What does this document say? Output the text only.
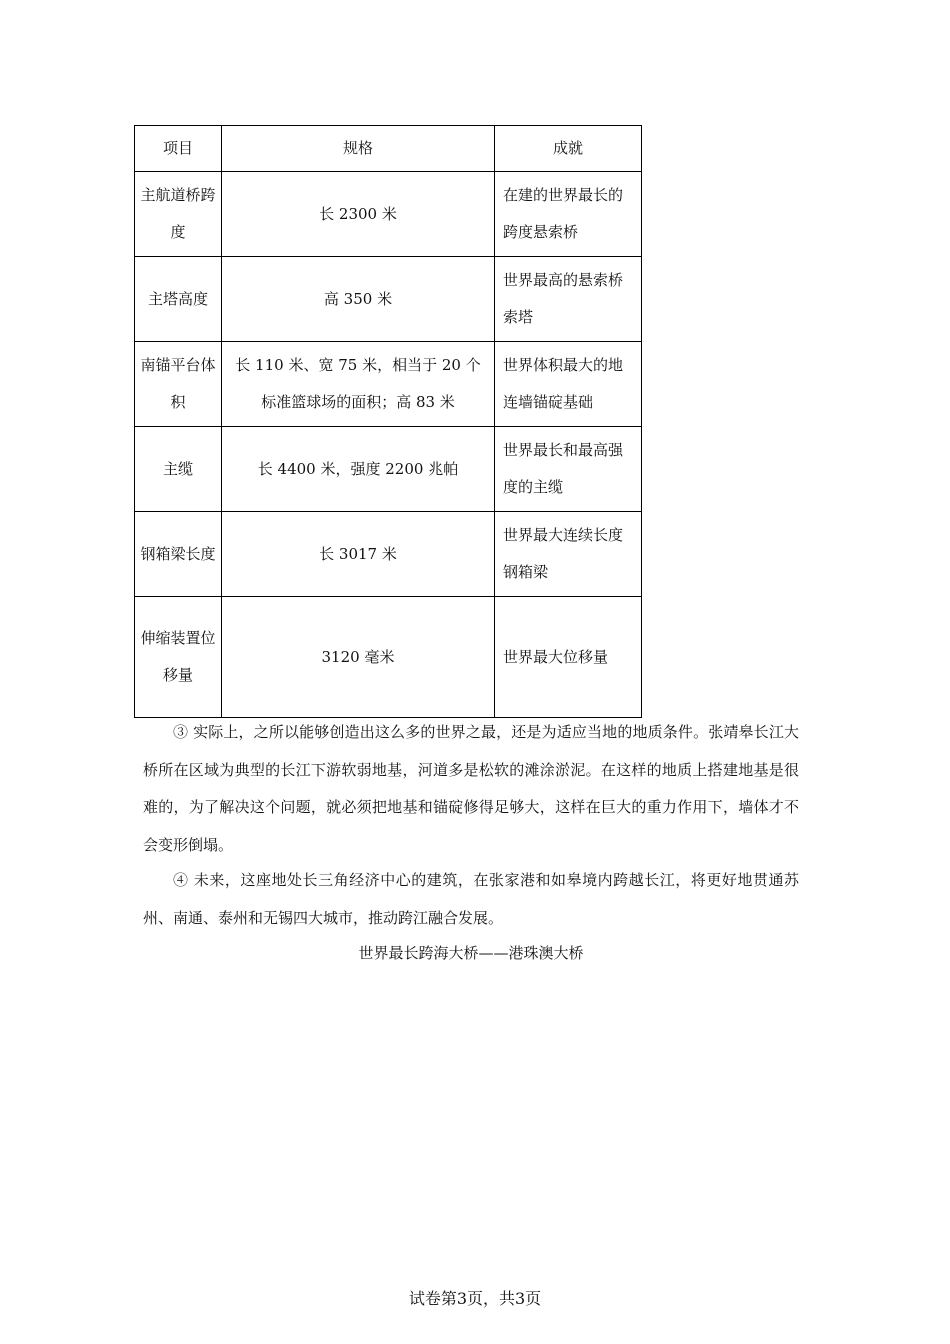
项目	规格	成就
主航道桥跨度	长 2300 米	在建的世界最长的跨度悬索桥
主塔高度	高 350 米	世界最高的悬索桥索塔
南锚平台体积	长 110 米、宽 75 米，相当于 20 个标准篮球场的面积；高 83 米	世界体积最大的地连墙锚碇基础
主缆	长 4400 米，强度 2200 兆帕	世界最长和最高强度的主缆
钢箱梁长度	长 3017 米	世界最大连续长度钢箱梁
伸缩装置位移量	3120 毫米	世界最大位移量

③ 实际上，之所以能够创造出这么多的世界之最，还是为适应当地的地质条件。张靖皋长江大桥所在区域为典型的长江下游软弱地基，河道多是松软的滩涂淤泥。在这样的地质上搭建地基是很难的，为了解决这个问题，就必须把地基和锚碇修得足够大，这样在巨大的重力作用下，墙体才不会变形倒塌。

④ 未来，这座地处长三角经济中心的建筑，在张家港和如皋境内跨越长江，将更好地贯通苏州、南通、泰州和无锡四大城市，推动跨江融合发展。

世界最长跨海大桥——港珠澳大桥

试卷第3页，共3页
